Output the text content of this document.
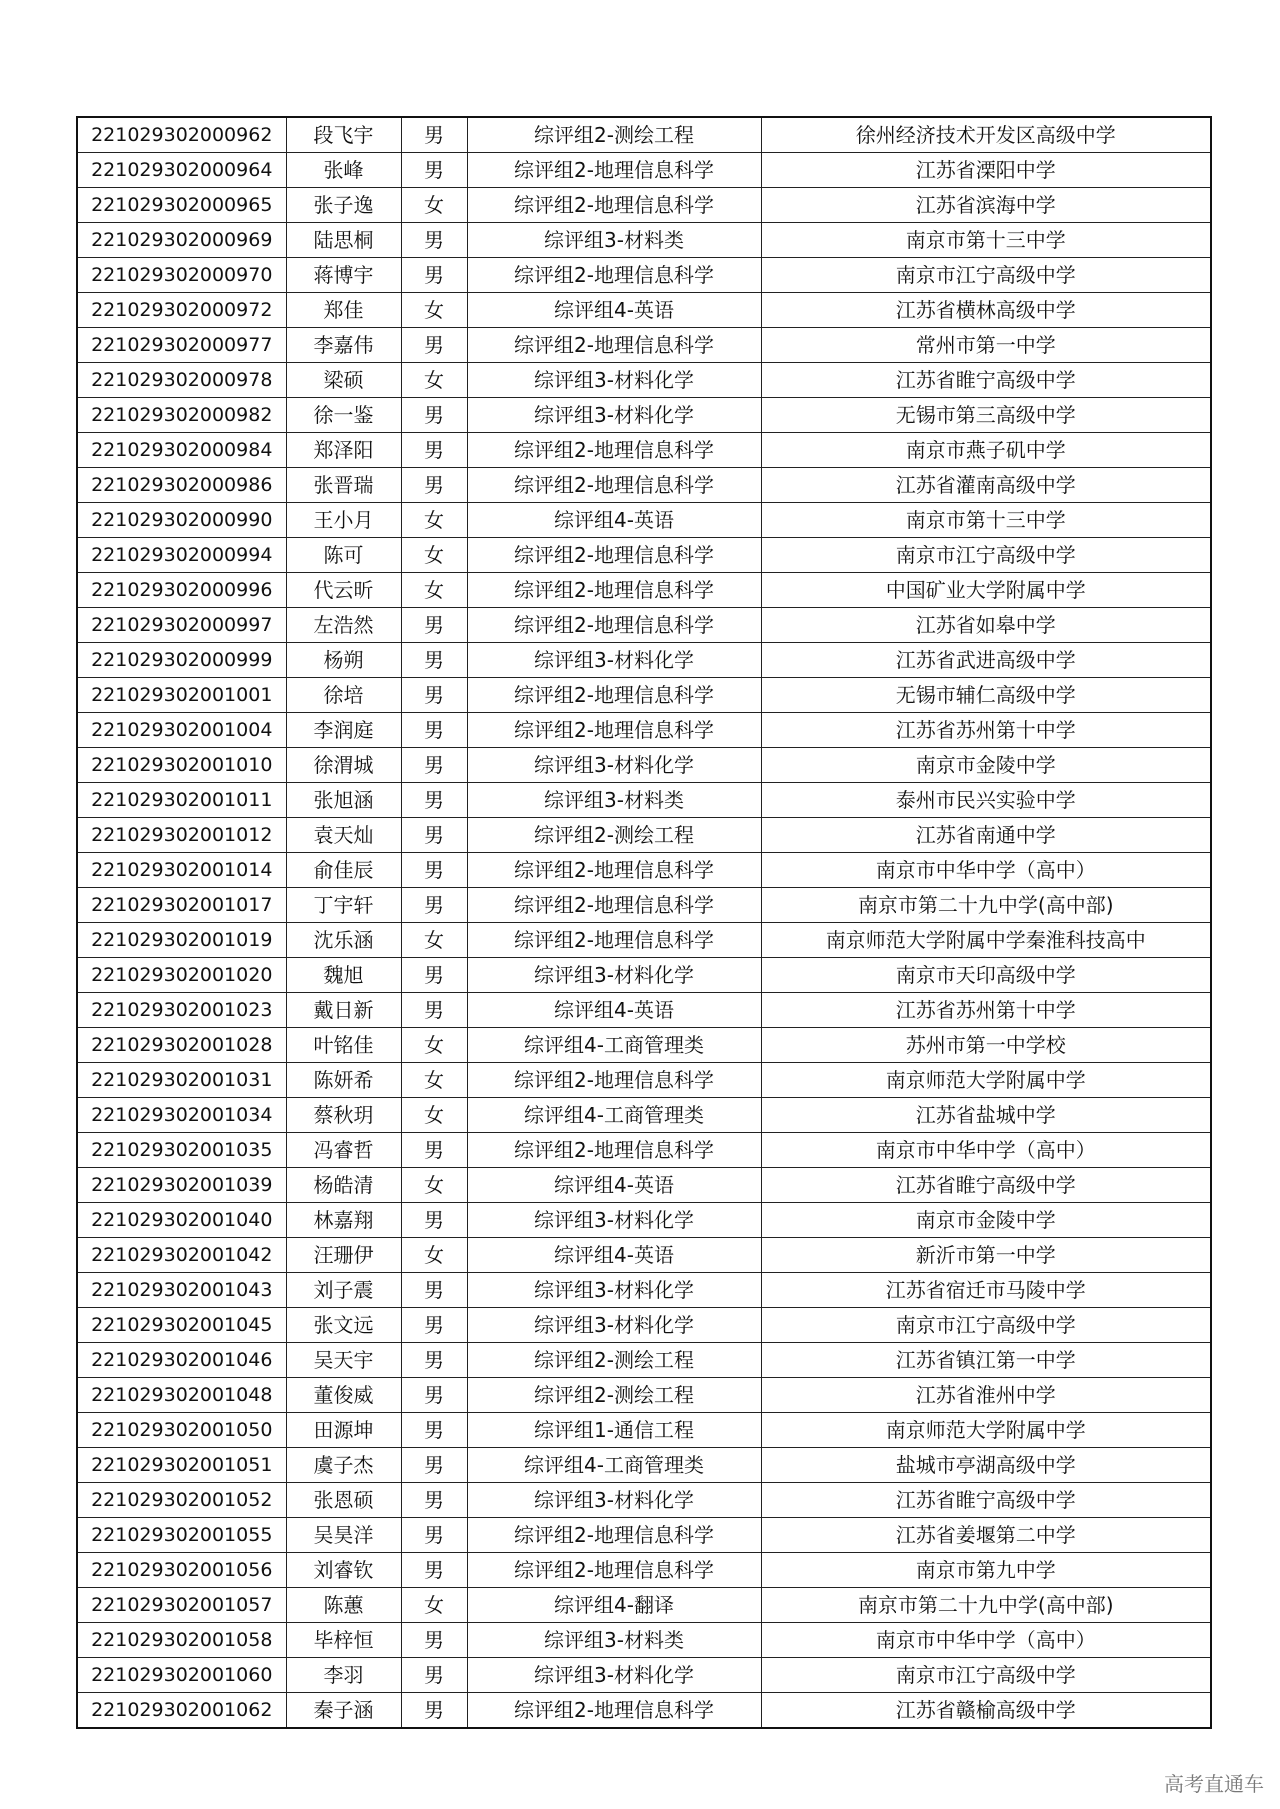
221029302000962	段飞宇	男	综评组2-测绘工程	徐州经济技术开发区高级中学
221029302000964	张峰	男	综评组2-地理信息科学	江苏省溧阳中学
221029302000965	张子逸	女	综评组2-地理信息科学	江苏省滨海中学
221029302000969	陆思桐	男	综评组3-材料类	南京市第十三中学
221029302000970	蒋博宇	男	综评组2-地理信息科学	南京市江宁高级中学
221029302000972	郑佳	女	综评组4-英语	江苏省横林高级中学
221029302000977	李嘉伟	男	综评组2-地理信息科学	常州市第一中学
221029302000978	梁硕	女	综评组3-材料化学	江苏省睢宁高级中学
221029302000982	徐一鉴	男	综评组3-材料化学	无锡市第三高级中学
221029302000984	郑泽阳	男	综评组2-地理信息科学	南京市燕子矶中学
221029302000986	张晋瑞	男	综评组2-地理信息科学	江苏省灌南高级中学
221029302000990	王小月	女	综评组4-英语	南京市第十三中学
221029302000994	陈可	女	综评组2-地理信息科学	南京市江宁高级中学
221029302000996	代云昕	女	综评组2-地理信息科学	中国矿业大学附属中学
221029302000997	左浩然	男	综评组2-地理信息科学	江苏省如皋中学
221029302000999	杨朔	男	综评组3-材料化学	江苏省武进高级中学
221029302001001	徐培	男	综评组2-地理信息科学	无锡市辅仁高级中学
221029302001004	李润庭	男	综评组2-地理信息科学	江苏省苏州第十中学
221029302001010	徐渭城	男	综评组3-材料化学	南京市金陵中学
221029302001011	张旭涵	男	综评组3-材料类	泰州市民兴实验中学
221029302001012	袁天灿	男	综评组2-测绘工程	江苏省南通中学
221029302001014	俞佳辰	男	综评组2-地理信息科学	南京市中华中学（高中）
221029302001017	丁宇轩	男	综评组2-地理信息科学	南京市第二十九中学(高中部)
221029302001019	沈乐涵	女	综评组2-地理信息科学	南京师范大学附属中学秦淮科技高中
221029302001020	魏旭	男	综评组3-材料化学	南京市天印高级中学
221029302001023	戴日新	男	综评组4-英语	江苏省苏州第十中学
221029302001028	叶铭佳	女	综评组4-工商管理类	苏州市第一中学校
221029302001031	陈妍希	女	综评组2-地理信息科学	南京师范大学附属中学
221029302001034	蔡秋玥	女	综评组4-工商管理类	江苏省盐城中学
221029302001035	冯睿哲	男	综评组2-地理信息科学	南京市中华中学（高中）
221029302001039	杨皓清	女	综评组4-英语	江苏省睢宁高级中学
221029302001040	林嘉翔	男	综评组3-材料化学	南京市金陵中学
221029302001042	汪珊伊	女	综评组4-英语	新沂市第一中学
221029302001043	刘子震	男	综评组3-材料化学	江苏省宿迁市马陵中学
221029302001045	张文远	男	综评组3-材料化学	南京市江宁高级中学
221029302001046	吴天宇	男	综评组2-测绘工程	江苏省镇江第一中学
221029302001048	董俊威	男	综评组2-测绘工程	江苏省淮州中学
221029302001050	田源坤	男	综评组1-通信工程	南京师范大学附属中学
221029302001051	虞子杰	男	综评组4-工商管理类	盐城市亭湖高级中学
221029302001052	张恩硕	男	综评组3-材料化学	江苏省睢宁高级中学
221029302001055	吴昊洋	男	综评组2-地理信息科学	江苏省姜堰第二中学
221029302001056	刘睿钦	男	综评组2-地理信息科学	南京市第九中学
221029302001057	陈蕙	女	综评组4-翻译	南京市第二十九中学(高中部)
221029302001058	毕梓恒	男	综评组3-材料类	南京市中华中学（高中）
221029302001060	李羽	男	综评组3-材料化学	南京市江宁高级中学
221029302001062	秦子涵	男	综评组2-地理信息科学	江苏省赣榆高级中学
高考直通车
